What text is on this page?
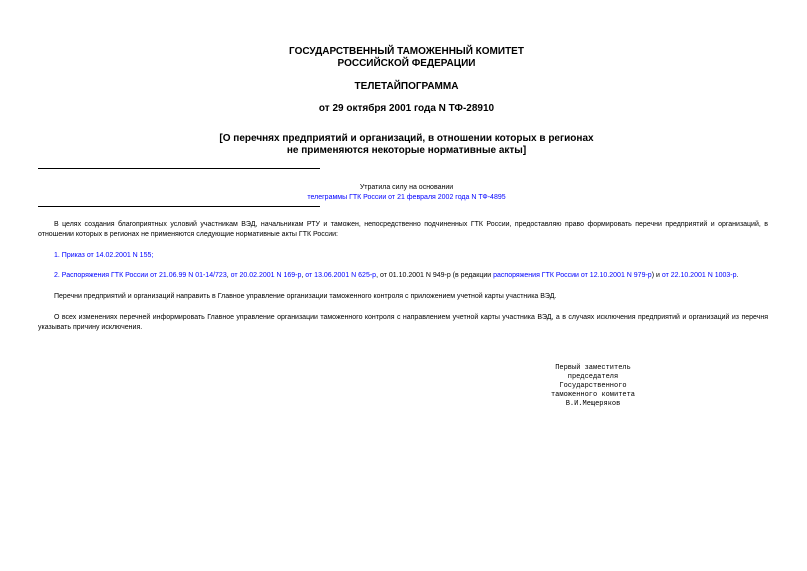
ГОСУДАРСТВЕННЫЙ ТАМОЖЕННЫЙ КОМИТЕТ
РОССИЙСКОЙ ФЕДЕРАЦИИ
ТЕЛЕТАЙПОГРАММА
от 29 октября 2001 года N ТФ-28910
[О перечнях предприятий и организаций, в отношении которых в регионах
не применяются некоторые нормативные акты]
Утратила силу на основании
телеграммы ГТК России от 21 февраля 2002 года N ТФ-4895
В целях создания благоприятных условий участникам ВЭД, начальникам РТУ и таможен, непосредственно подчиненных ГТК России, предоставляю право формировать перечни предприятий и организаций, в отношении которых в регионах не применяются следующие нормативные акты ГТК России:
1. Приказ от 14.02.2001 N 155;
2. Распоряжения ГТК России от 21.06.99 N 01-14/723, от 20.02.2001 N 169-р, от 13.06.2001 N 625-р, от 01.10.2001 N 949-р (в редакции распоряжения ГТК России от 12.10.2001 N 979-р) и от 22.10.2001 N 1003-р.
Перечни предприятий и организаций направить в Главное управление организации таможенного контроля с приложением учетной карты участника ВЭД.
О всех изменениях перечней информировать Главное управление организации таможенного контроля с направлением учетной карты участника ВЭД, а в случаях исключения предприятий и организаций из перечня указывать причину исключения.
Первый заместитель
председателя
Государственного
таможенного комитета
В.И.Мещеряков
